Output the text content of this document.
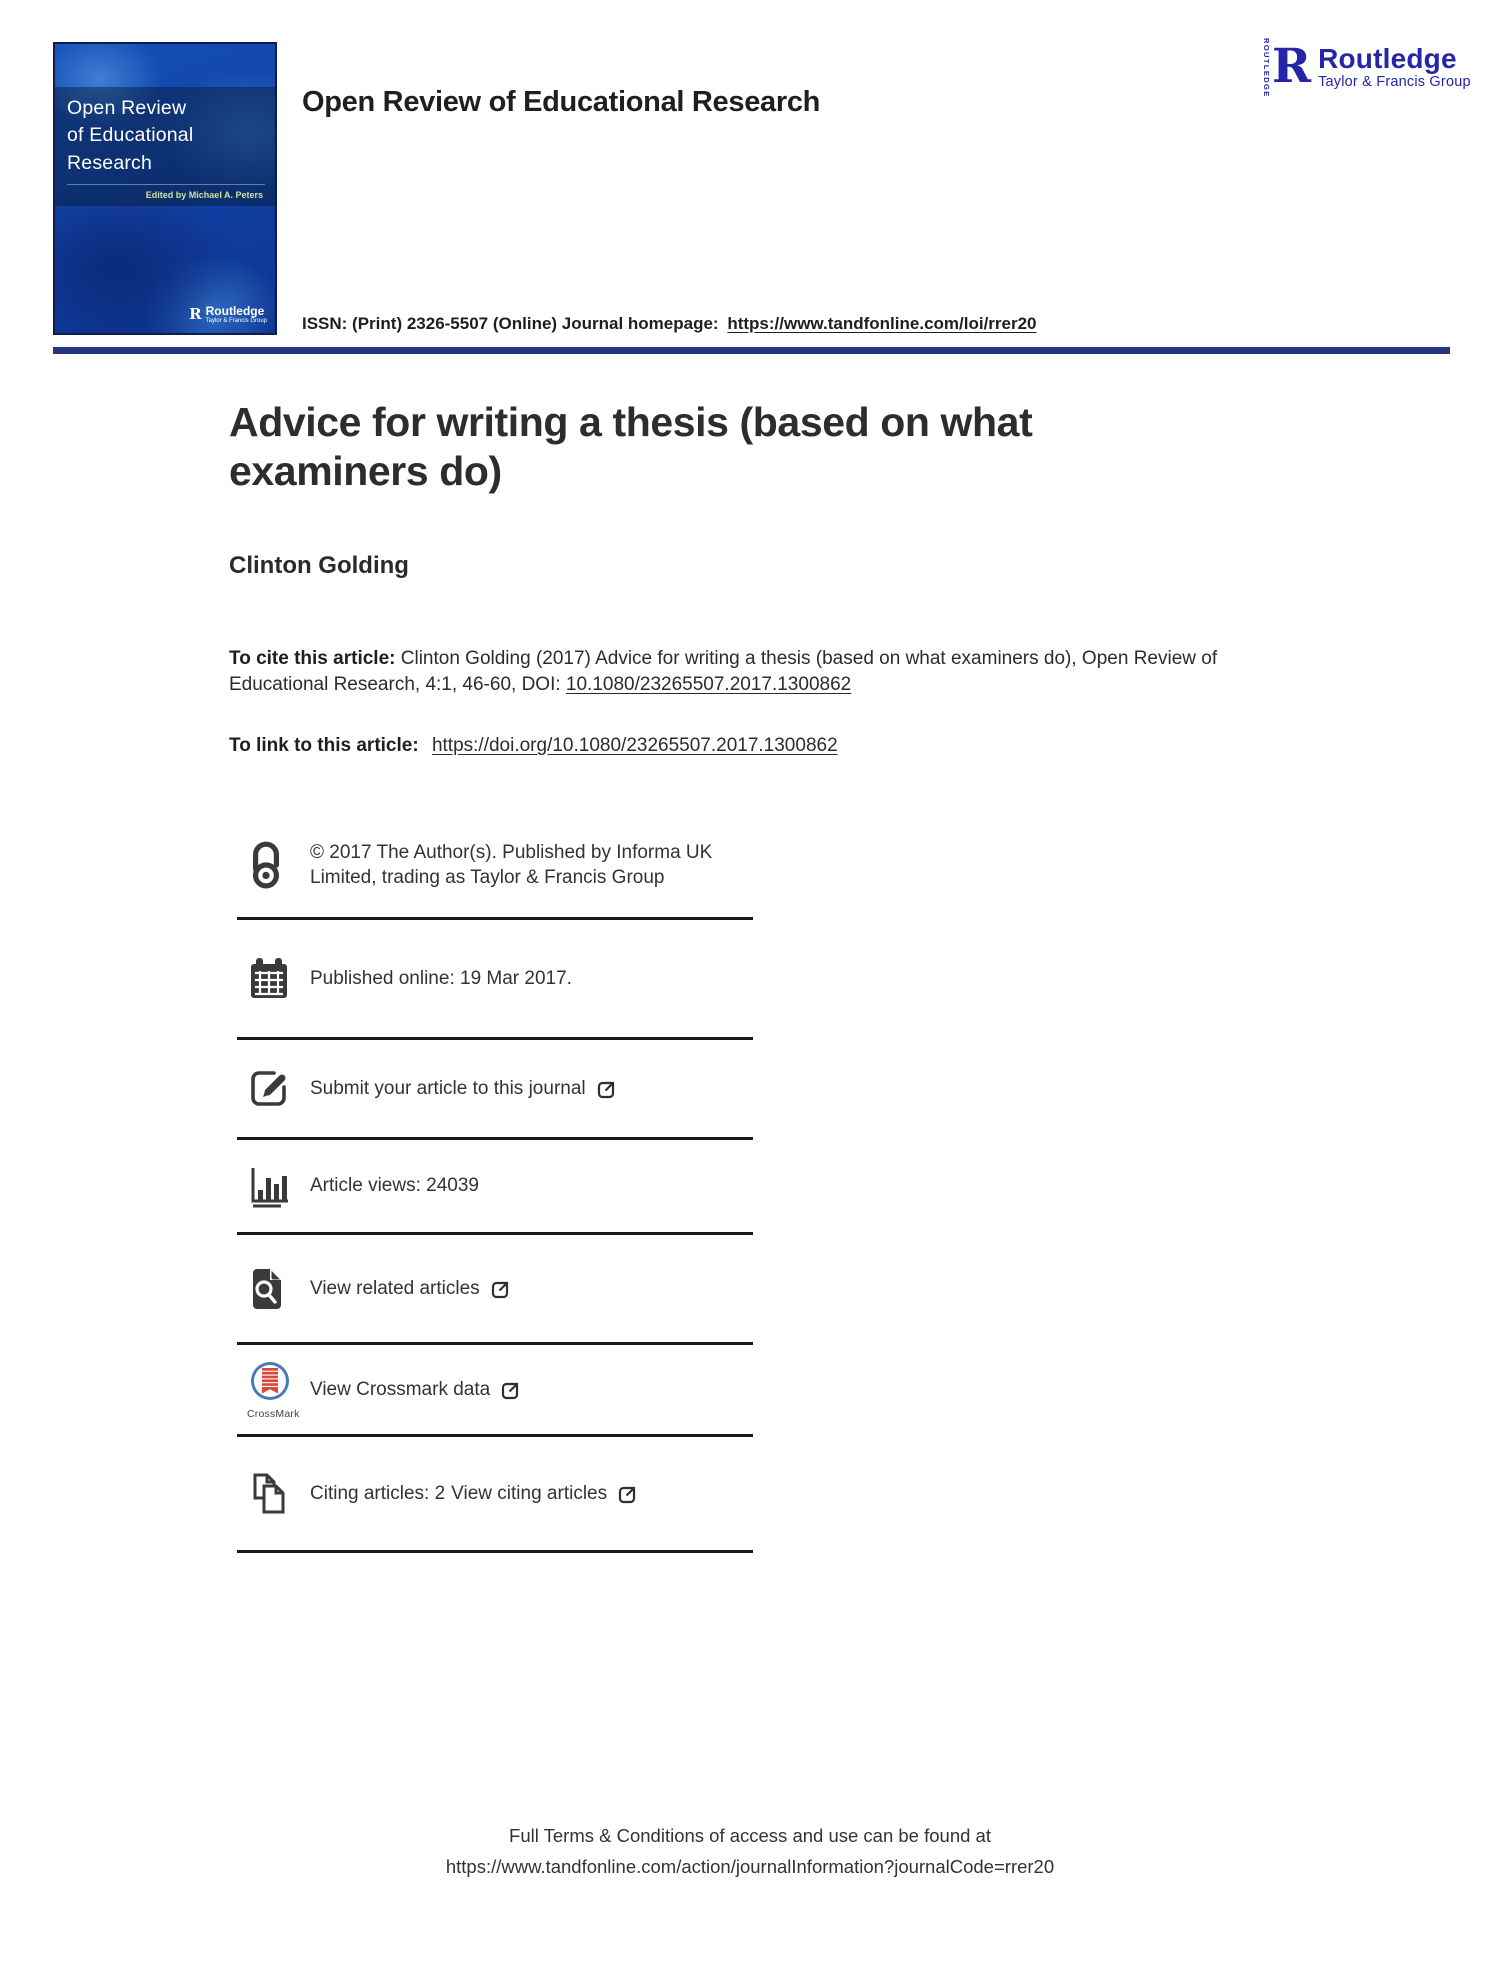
Open Review
of Educational
Research
Edited by Michael A. Peters
R Routledge
Taylor & Francis Group
Open Review of Educational Research
ROUTLEDGE R Routledge
Taylor & Francis Group
ISSN: (Print) 2326-5507 (Online) Journal homepage: https://www.tandfonline.com/loi/rrer20
Advice for writing a thesis (based on what
examiners do)
Clinton Golding

To cite this article: Clinton Golding (2017) Advice for writing a thesis (based on what examiners do), Open Review of Educational Research, 4:1, 46-60, DOI: 10.1080/23265507.2017.1300862

To link to this article: https://doi.org/10.1080/23265507.2017.1300862

© 2017 The Author(s). Published by Informa UK Limited, trading as Taylor & Francis Group
Published online: 19 Mar 2017.
Submit your article to this journal
Article views: 24039
View related articles
CrossMark
View Crossmark data
Citing articles: 2 View citing articles
Full Terms & Conditions of access and use can be found at
https://www.tandfonline.com/action/journalInformation?journalCode=rrer20
